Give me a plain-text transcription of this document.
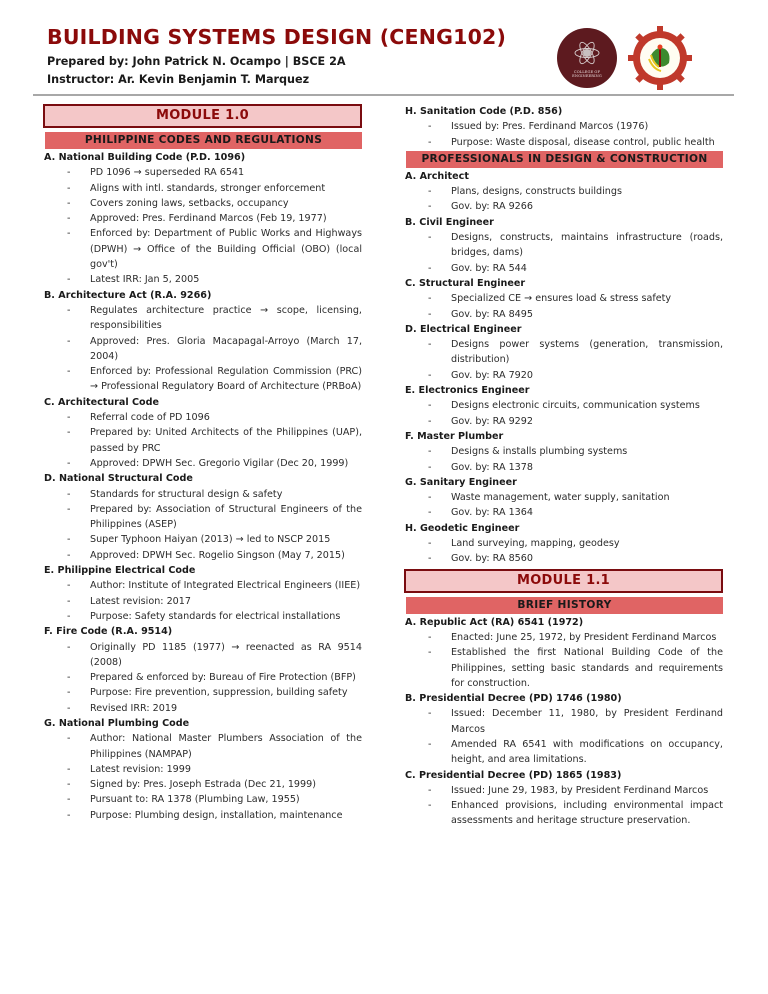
BUILDING SYSTEMS DESIGN (CENG102)
Prepared by: John Patrick N. Ocampo | BSCE 2A
Instructor: Ar. Kevin Benjamin T. Marquez
COLLEGE OF ENGINEERING
MODULE 1.0
PHILIPPINE CODES AND REGULATIONS
A. National Building Code (P.D. 1096)
- PD 1096 → superseded RA 6541
- Aligns with intl. standards, stronger enforcement
- Covers zoning laws, setbacks, occupancy
- Approved: Pres. Ferdinand Marcos (Feb 19, 1977)
- Enforced by: Department of Public Works and Highways (DPWH) → Office of the Building Official (OBO) (local gov't)
- Latest IRR: Jan 5, 2005
B. Architecture Act (R.A. 9266)
- Regulates architecture practice → scope, licensing, responsibilities
- Approved: Pres. Gloria Macapagal-Arroyo (March 17, 2004)
- Enforced by: Professional Regulation Commission (PRC) → Professional Regulatory Board of Architecture (PRBoA)
C. Architectural Code
- Referral code of PD 1096
- Prepared by: United Architects of the Philippines (UAP), passed by PRC
- Approved: DPWH Sec. Gregorio Vigilar (Dec 20, 1999)
D. National Structural Code
- Standards for structural design & safety
- Prepared by: Association of Structural Engineers of the Philippines (ASEP)
- Super Typhoon Haiyan (2013) → led to NSCP 2015
- Approved: DPWH Sec. Rogelio Singson (May 7, 2015)
E. Philippine Electrical Code
- Author: Institute of Integrated Electrical Engineers (IIEE)
- Latest revision: 2017
- Purpose: Safety standards for electrical installations
F. Fire Code (R.A. 9514)
- Originally PD 1185 (1977) → reenacted as RA 9514 (2008)
- Prepared & enforced by: Bureau of Fire Protection (BFP)
- Purpose: Fire prevention, suppression, building safety
- Revised IRR: 2019
G. National Plumbing Code
- Author: National Master Plumbers Association of the Philippines (NAMPAP)
- Latest revision: 1999
- Signed by: Pres. Joseph Estrada (Dec 21, 1999)
- Pursuant to: RA 1378 (Plumbing Law, 1955)
- Purpose: Plumbing design, installation, maintenance
H. Sanitation Code (P.D. 856)
- Issued by: Pres. Ferdinand Marcos (1976)
- Purpose: Waste disposal, disease control, public health
PROFESSIONALS IN DESIGN & CONSTRUCTION
A. Architect
- Plans, designs, constructs buildings
- Gov. by: RA 9266
B. Civil Engineer
- Designs, constructs, maintains infrastructure (roads, bridges, dams)
- Gov. by: RA 544
C. Structural Engineer
- Specialized CE → ensures load & stress safety
- Gov. by: RA 8495
D. Electrical Engineer
- Designs power systems (generation, transmission, distribution)
- Gov. by: RA 7920
E. Electronics Engineer
- Designs electronic circuits, communication systems
- Gov. by: RA 9292
F. Master Plumber
- Designs & installs plumbing systems
- Gov. by: RA 1378
G. Sanitary Engineer
- Waste management, water supply, sanitation
- Gov. by: RA 1364
H. Geodetic Engineer
- Land surveying, mapping, geodesy
- Gov. by: RA 8560
MODULE 1.1
BRIEF HISTORY
A. Republic Act (RA) 6541 (1972)
- Enacted: June 25, 1972, by President Ferdinand Marcos
- Established the first National Building Code of the Philippines, setting basic standards and requirements for construction.
B. Presidential Decree (PD) 1746 (1980)
- Issued: December 11, 1980, by President Ferdinand Marcos
- Amended RA 6541 with modifications on occupancy, height, and area limitations.
C. Presidential Decree (PD) 1865 (1983)
- Issued: June 29, 1983, by President Ferdinand Marcos
- Enhanced provisions, including environmental impact assessments and heritage structure preservation.
